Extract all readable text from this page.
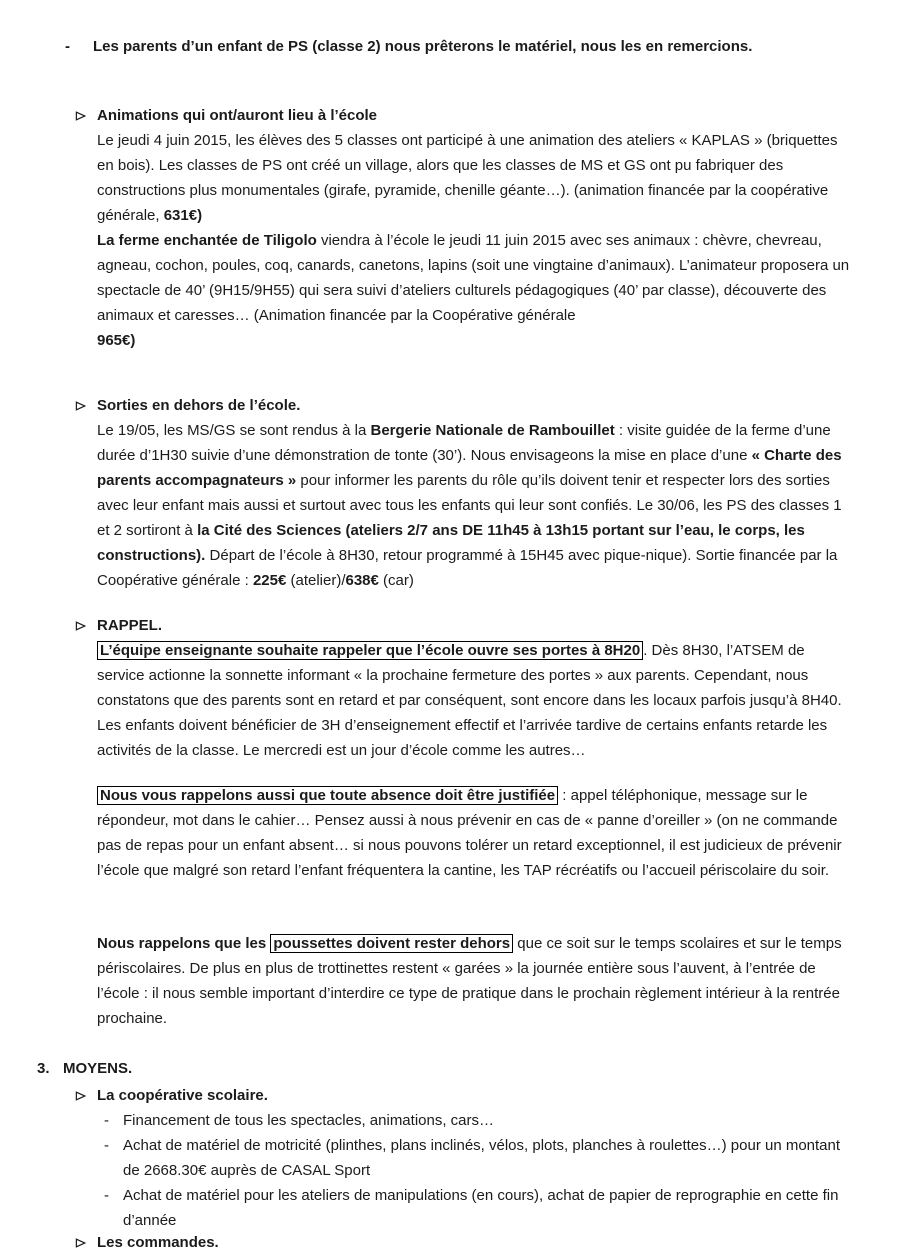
-	Les parents d’un enfant de PS (classe 2) nous prêterons le matériel, nous les en remercions.
Animations qui ont/auront lieu à l’école
Le jeudi 4 juin 2015, les élèves des 5 classes ont participé à une animation des ateliers « KAPLAS » (briquettes en bois). Les classes de PS ont créé un village, alors que les classes de MS et GS ont pu fabriquer des constructions plus monumentales (girafe, pyramide, chenille géante…). (animation financée par la coopérative générale, 631€)
La ferme enchantée de Tiligolo viendra à l’école le jeudi 11 juin 2015 avec ses animaux : chèvre, chevreau, agneau, cochon, poules, coq, canards, canetons, lapins (soit une vingtaine d’animaux). L’animateur proposera un spectacle de 40’ (9H15/9H55) qui sera suivi d’ateliers culturels pédagogiques (40’ par classe), découverte des animaux et caresses… (Animation financée par la Coopérative générale
965€)
Sorties en dehors de l’école.
Le 19/05, les MS/GS se sont rendus à la Bergerie Nationale de Rambouillet : visite guidée de la ferme d’une durée d’1H30 suivie d’une démonstration de tonte (30’). Nous envisageons la mise en place d’une « Charte des parents accompagnateurs » pour informer les parents du rôle qu’ils doivent tenir et respecter lors des sorties avec leur enfant mais aussi et surtout avec tous les enfants qui leur sont confiés. Le 30/06, les PS des classes 1 et 2 sortiront à la Cité des Sciences (ateliers 2/7 ans DE 11h45 à 13h15 portant sur l’eau, le corps, les constructions). Départ de l’école à 8H30, retour programmé à 15H45 avec pique-nique). Sortie financée par la Coopérative générale : 225€ (atelier)/638€ (car)
RAPPEL.
L’équipe enseignante souhaite rappeler que l’école ouvre ses portes à 8H20 . Dès 8H30, l’ATSEM de service actionne la sonnette informant « la prochaine fermeture des portes » aux parents. Cependant, nous constatons que des parents sont en retard et par conséquent, sont encore dans les locaux parfois jusqu’à 8H40. Les enfants doivent bénéficier de 3H d’enseignement effectif et l’arrivée tardive de certains enfants retarde les activités de la classe. Le mercredi est un jour d’école comme les autres…
Nous vous rappelons aussi que toute absence doit être justifiée : appel téléphonique, message sur le répondeur, mot dans le cahier… Pensez aussi à nous prévenir en cas de « panne d’oreiller » (on ne commande pas de repas pour un enfant absent… si nous pouvons tolérer un retard exceptionnel, il est judicieux de prévenir l’école que malgré son retard l’enfant fréquentera la cantine, les TAP récréatifs ou l’accueil périscolaire du soir.
Nous rappelons que les poussettes doivent rester dehors que ce soit sur le temps scolaires et sur le temps périscolaires. De plus en plus de trottinettes restent « garées » la journée entière sous l’auvent, à l’entrée de l’école : il nous semble important d’interdire ce type de pratique dans le prochain règlement intérieur à la rentrée prochaine.
3. MOYENS.
La coopérative scolaire.
- Financement de tous les spectacles, animations, cars…
- Achat de matériel de motricité (plinthes, plans inclinés, vélos, plots, planches à roulettes…) pour un montant de 2668.30€ auprès de CASAL Sport
- Achat de matériel pour les ateliers de manipulations (en cours), achat de papier de reprographie en cette fin d’année
Les commandes.
